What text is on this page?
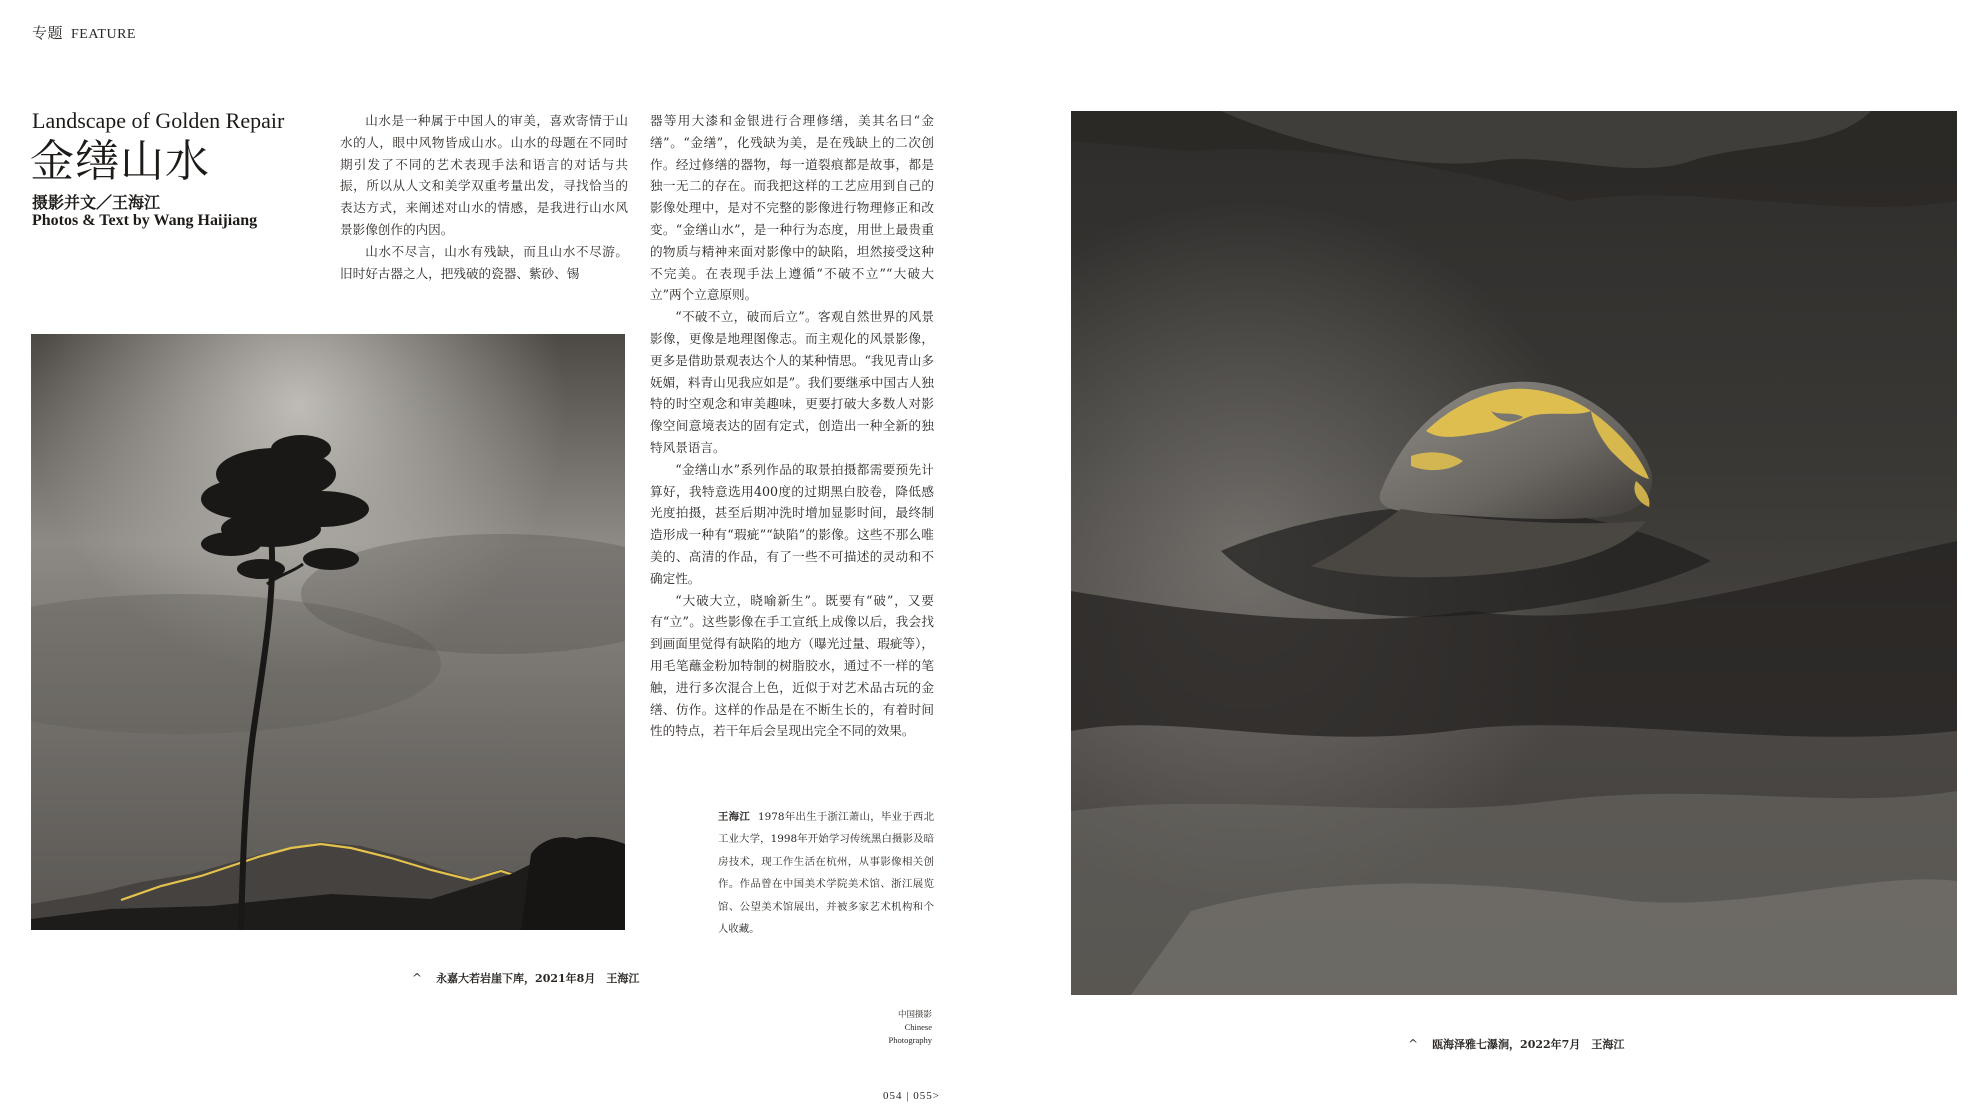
专题 FEATURE
Landscape of Golden Repair
金缮山水
摄影并文／王海江
Photos & Text by Wang Haijiang

山水是一种属于中国人的审美，喜欢寄情于山水的人，眼中风物皆成山水。山水的母题在不同时期引发了不同的艺术表现手法和语言的对话与共振，所以从人文和美学双重考量出发，寻找恰当的表达方式，来阐述对山水的情感，是我进行山水风景影像创作的内因。

山水不尽言，山水有残缺，而且山水不尽游。旧时好古器之人，把残破的瓷器、紫砂、锡

器等用大漆和金银进行合理修缮，美其名曰“金缮”。“金缮”，化残缺为美，是在残缺上的二次创作。经过修缮的器物，每一道裂痕都是故事，都是独一无二的存在。而我把这样的工艺应用到自己的影像处理中，是对不完整的影像进行物理修正和改变。“金缮山水”，是一种行为态度，用世上最贵重的物质与精神来面对影像中的缺陷，坦然接受这种不完美。在表现手法上遵循“不破不立”“大破大立”两个立意原则。

“不破不立，破而后立”。客观自然世界的风景影像，更像是地理图像志。而主观化的风景影像，更多是借助景观表达个人的某种情思。“我见青山多妩媚，料青山见我应如是”。我们要继承中国古人独特的时空观念和审美趣味，更要打破大多数人对影像空间意境表达的固有定式，创造出一种全新的独特风景语言。

“金缮山水”系列作品的取景拍摄都需要预先计算好，我特意选用400度的过期黑白胶卷，降低感光度拍摄，甚至后期冲洗时增加显影时间，最终制造形成一种有“瑕疵”“缺陷”的影像。这些不那么唯美的、高清的作品，有了一些不可描述的灵动和不确定性。

“大破大立，晓喻新生”。既要有“破”，又要有“立”。这些影像在手工宣纸上成像以后，我会找到画面里觉得有缺陷的地方（曝光过量、瑕疵等），用毛笔蘸金粉加特制的树脂胶水，通过不一样的笔触，进行多次混合上色，近似于对艺术品古玩的金缮、仿作。这样的作品是在不断生长的，有着时间性的特点，若干年后会呈现出完全不同的效果。

王海江 1978年出生于浙江萧山，毕业于西北工业大学，1998年开始学习传统黑白摄影及暗房技术，现工作生活在杭州，从事影像相关创作。作品曾在中国美术学院美术馆、浙江展览馆、公望美术馆展出，并被多家艺术机构和个人收藏。
^ 永嘉大若岩崖下库，2021年8月　王海江
^ 瓯海泽雅七瀑涧，2022年7月　王海江
中国摄影
Chinese
Photography
054 | 055>
